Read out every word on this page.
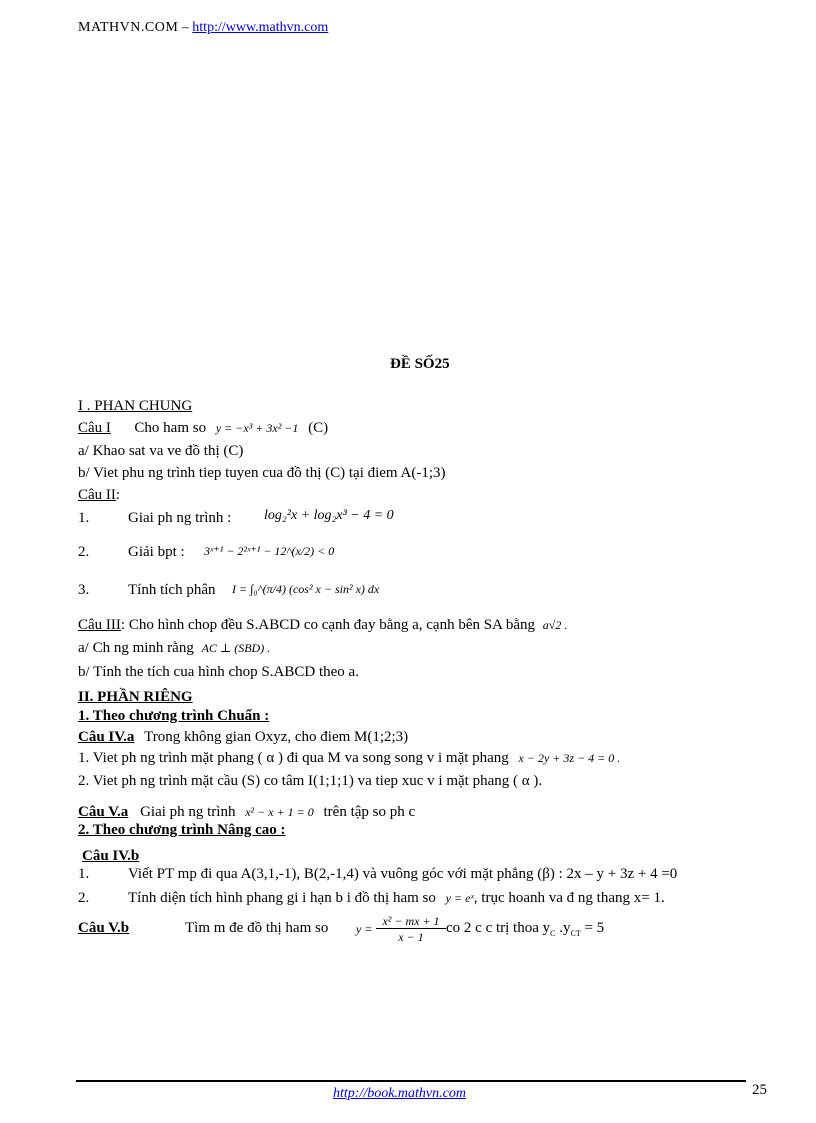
MATHVN.COM – http://www.mathvn.com
ĐỀ SỐ25
I . PHAN CHUNG
Câu I Cho ham so y = −x³ + 3x² −1 (C)
a/ Khao sat va ve đồ thị (C)
b/ Viet phu ng trình tiep tuyen cua đồ thị (C) tại điem A(-1;3)
Câu II:
1.	Giai ph ng trình : log₂²x + log₂x³ − 4 = 0
2.	Giải bpt : 3ˣ⁺¹ − 2²ˣ⁺¹ − 12^(x/2) < 0
3.	Tính tích phân I = ∫₀^(π/4) (cos² x − sin² x) dx
Câu III: Cho hình chop đều S.ABCD co cạnh đay bằng a, cạnh bên SA bằng a√2 .
a/ Ch ng minh rằng AC ⊥ (SBD) .
b/ Tính the tích cua hình chop S.ABCD theo a.
II. PHẦN RIÊNG
1. Theo chương trình Chuẩn :
Câu IV.a Trong không gian Oxyz, cho điem M(1;2;3)
1. Viet ph ng trình mặt phang ( α ) đi qua M va song song v i mặt phang x − 2y + 3z − 4 = 0 .
2. Viet ph ng trình mặt cầu (S) co tâm I(1;1;1) va tiep xuc v i mặt phang ( α ).
Câu V.a Giai ph ng trình x² − x + 1 = 0 trên tập so ph c
2. Theo chương trình Nâng cao :
Câu IV.b
1.	Viết PT mp đi qua A(3,1,-1), B(2,-1,4) và vuông góc với mặt phẳng (β) : 2x – y + 3z + 4 =0
2.	Tính diện tích hình phang gi i hạn b i đồ thị ham so y = eˣ, trục hoanh va đ ng thang x= 1.
Câu V.b	Tìm m đe đồ thị ham so y =
x² − mx + 1
x − 1
co 2 c c trị thoa $y_C$ $.y_{CT} = 5$
http://book.mathvn.com	25
